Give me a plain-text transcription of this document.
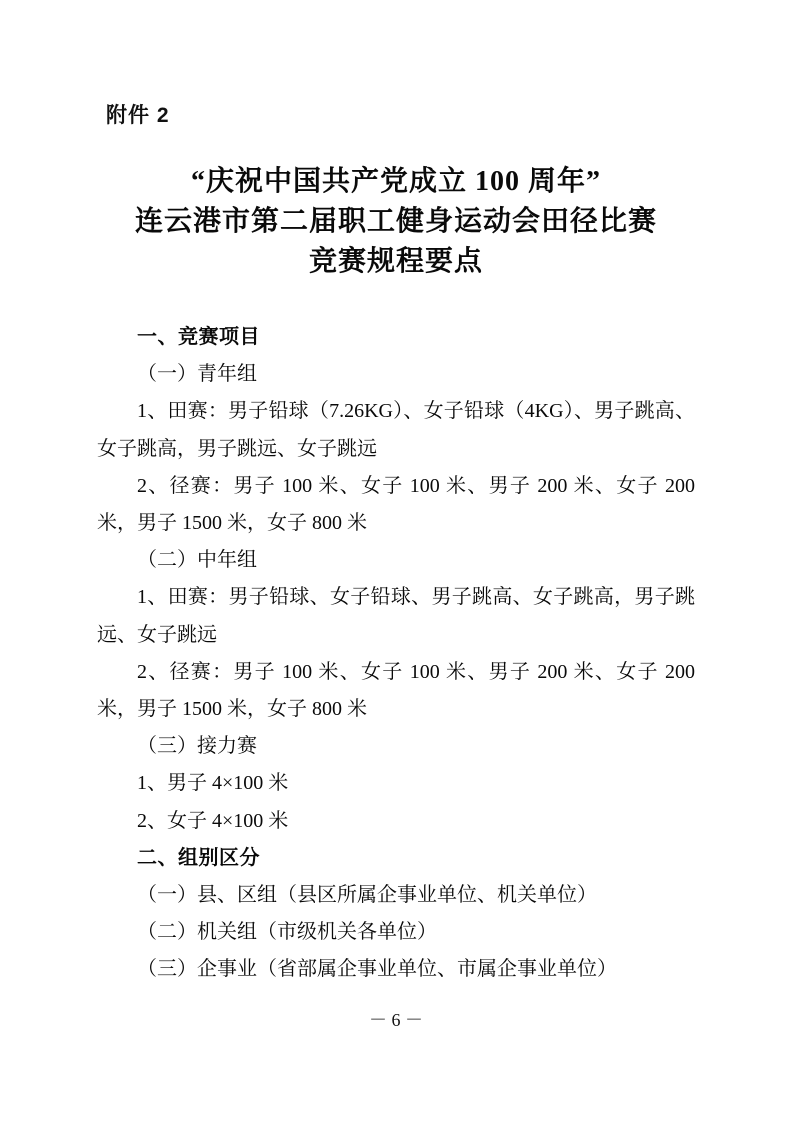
附件 2
“庆祝中国共产党成立 100 周年”
连云港市第二届职工健身运动会田径比赛
竞赛规程要点

一、竞赛项目

（一）青年组

1、田赛：男子铅球（7.26KG）、女子铅球（4KG）、男子跳高、女子跳高，男子跳远、女子跳远

2、径赛：男子 100 米、女子 100 米、男子 200 米、女子 200 米，男子 1500 米，女子 800 米

（二）中年组

1、田赛：男子铅球、女子铅球、男子跳高、女子跳高，男子跳远、女子跳远

2、径赛：男子 100 米、女子 100 米、男子 200 米、女子 200 米，男子 1500 米，女子 800 米

（三）接力赛

1、男子 4×100 米

2、女子 4×100 米

二、组别区分

（一）县、区组（县区所属企事业单位、机关单位）

（二）机关组（市级机关各单位）

（三）企事业（省部属企事业单位、市属企事业单位）

－ 6 －
